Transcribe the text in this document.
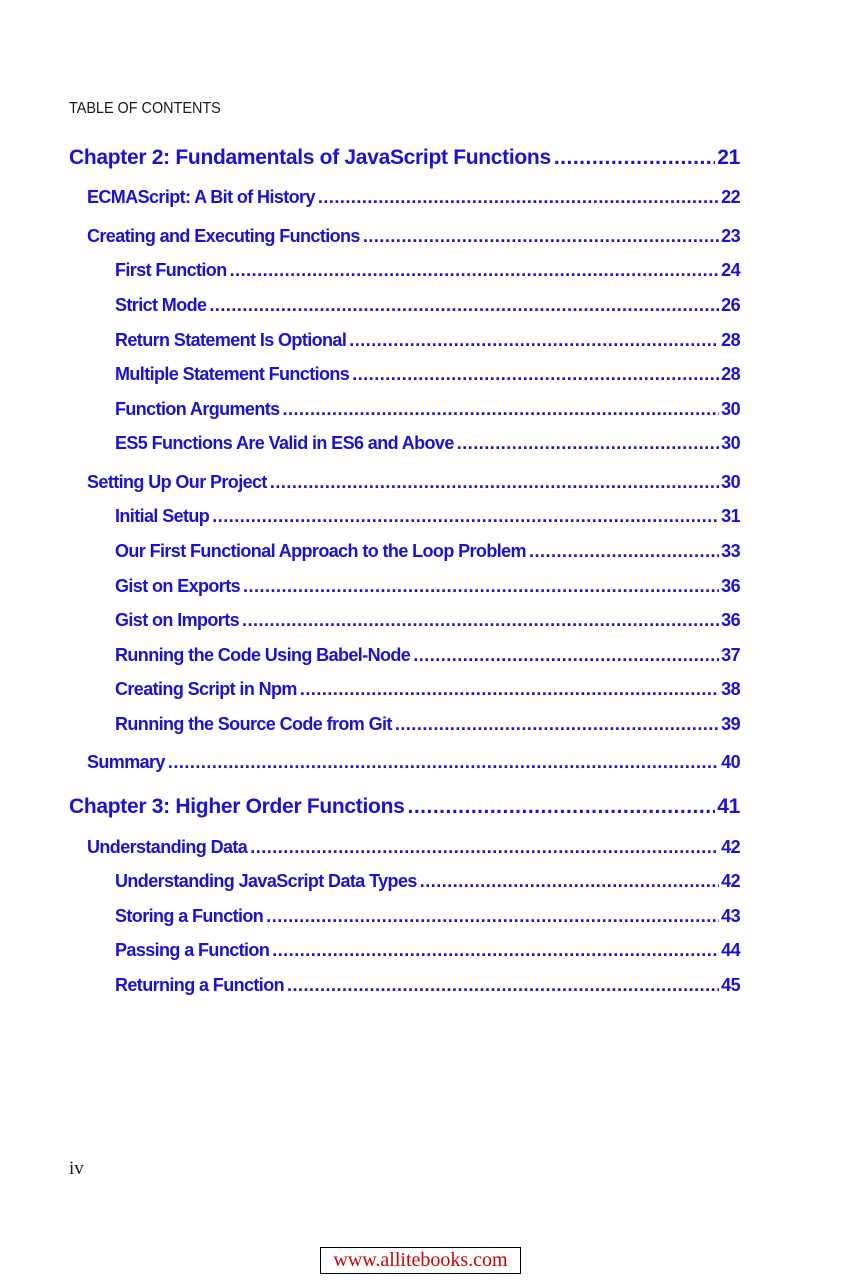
TABLE OF CONTENTS
Chapter 2: Fundamentals of JavaScript Functions .....	21
ECMAScript: A Bit of History .....	22
Creating and Executing Functions .....	23
First Function .....	24
Strict Mode .....	26
Return Statement Is Optional .....	28
Multiple Statement Functions .....	28
Function Arguments .....	30
ES5 Functions Are Valid in ES6 and Above .....	30
Setting Up Our Project .....	30
Initial Setup .....	31
Our First Functional Approach to the Loop Problem .....	33
Gist on Exports .....	36
Gist on Imports .....	36
Running the Code Using Babel-Node .....	37
Creating Script in Npm .....	38
Running the Source Code from Git .....	39
Summary .....	40
Chapter 3: Higher Order Functions .....	41
Understanding Data .....	42
Understanding JavaScript Data Types .....	42
Storing a Function .....	43
Passing a Function .....	44
Returning a Function .....	45
iv
www.allitebooks.com
